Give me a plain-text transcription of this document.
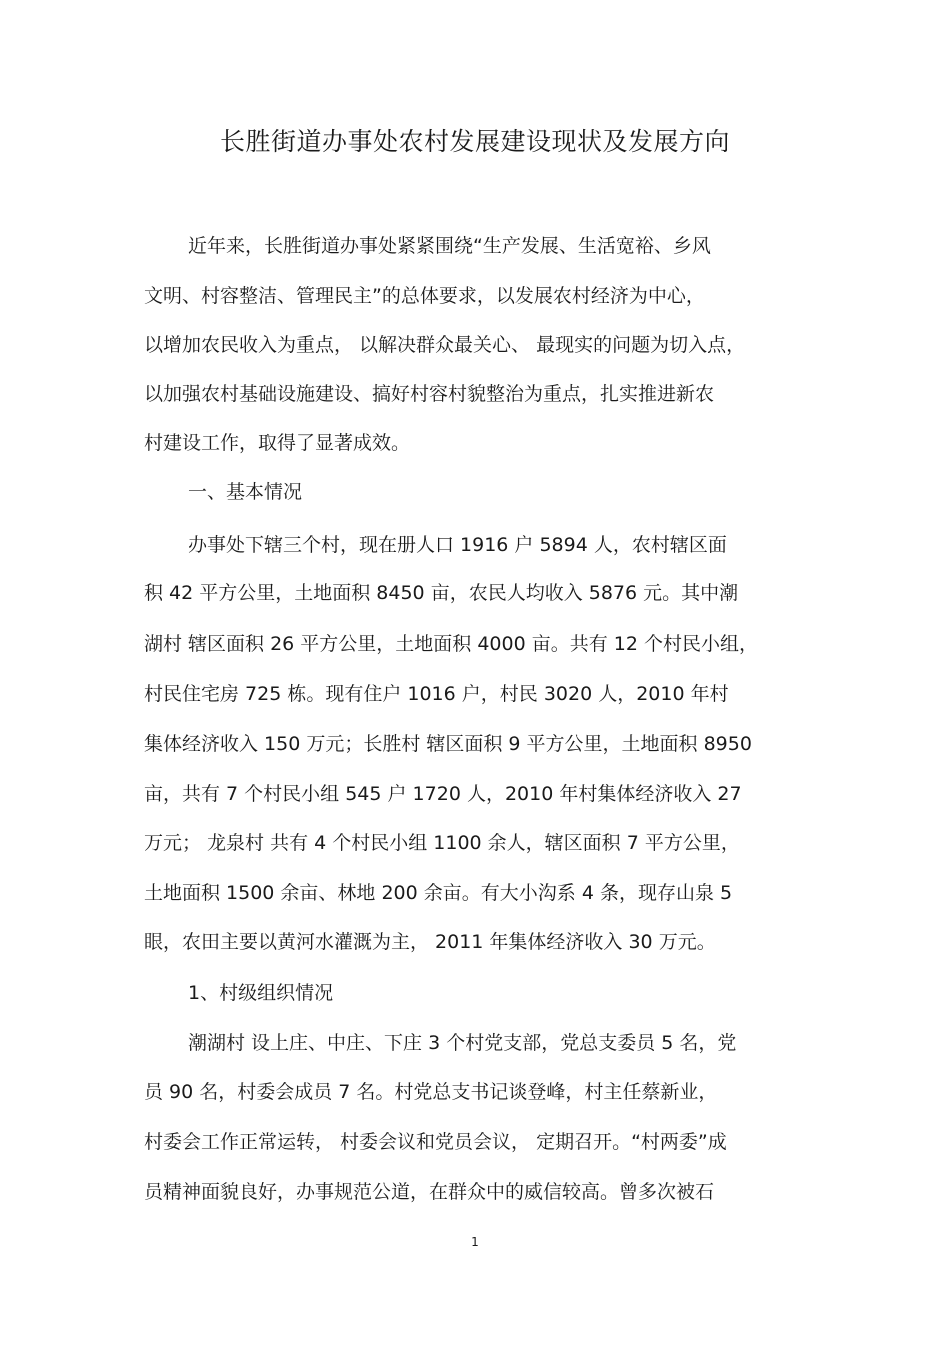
长胜街道办事处农村发展建设现状及发展方向

近年来，长胜街道办事处紧紧围绕“生产发展、生活宽裕、乡风

文明、村容整洁、管理民主”的总体要求，以发展农村经济为中心，

以增加农民收入为重点， 以解决群众最关心、 最现实的问题为切入点，

以加强农村基础设施建设、搞好村容村貌整治为重点，扎实推进新农

村建设工作，取得了显著成效。

一、基本情况

办事处下辖三个村，现在册人口 1916 户 5894 人，农村辖区面

积 42 平方公里，土地面积 8450 亩，农民人均收入 5876 元。其中潮

湖村 辖区面积 26 平方公里，土地面积 4000 亩。共有 12 个村民小组，

村民住宅房 725 栋。现有住户 1016 户，村民 3020 人，2010 年村

集体经济收入 150 万元；长胜村 辖区面积 9 平方公里，土地面积 8950

亩，共有 7 个村民小组 545 户 1720 人，2010 年村集体经济收入 27

万元； 龙泉村 共有 4 个村民小组 1100 余人，辖区面积 7 平方公里，

土地面积 1500 余亩、林地 200 余亩。有大小沟系 4 条，现存山泉 5

眼，农田主要以黄河水灌溉为主， 2011 年集体经济收入 30 万元。

1、村级组织情况

潮湖村 设上庄、中庄、下庄 3 个村党支部，党总支委员 5 名，党

员 90 名，村委会成员 7 名。村党总支书记谈登峰，村主任蔡新业，

村委会工作正常运转， 村委会议和党员会议， 定期召开。“村两委”成

员精神面貌良好，办事规范公道，在群众中的威信较高。曾多次被石

1
